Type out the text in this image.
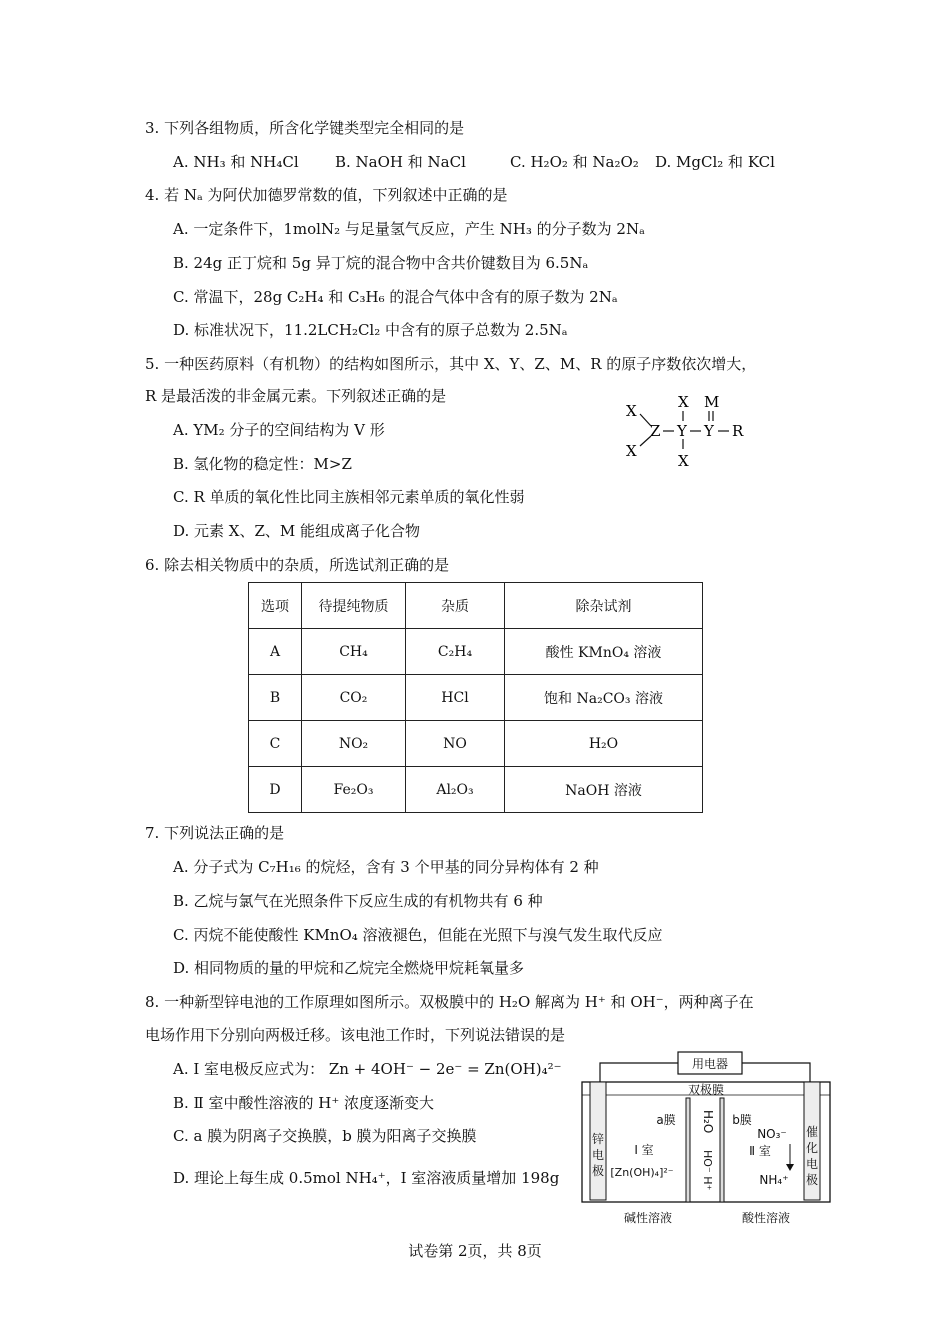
3. 下列各组物质，所含化学键类型完全相同的是
A. NH₃ 和 NH₄Cl B. NaOH 和 NaCl	C. H₂O₂ 和 Na₂O₂ D. MgCl₂ 和 KCl
4. 若 Nₐ 为阿伏加德罗常数的值，下列叙述中正确的是
A. 一定条件下，1molN₂ 与足量氢气反应，产生 NH₃ 的分子数为 2Nₐ
B. 24g 正丁烷和 5g 异丁烷的混合物中含共价键数目为 6.5Nₐ
C. 常温下，28g C₂H₄ 和 C₃H₆ 的混合气体中含有的原子数为 2Nₐ
D. 标准状况下，11.2LCH₂Cl₂ 中含有的原子总数为 2.5Nₐ
5. 一种医药原料（有机物）的结构如图所示，其中 X、Y、Z、M、R 的原子序数依次增大，
R 是最活泼的非金属元素。下列叙述正确的是
A. YM₂ 分子的空间结构为 V 形
B. 氢化物的稳定性：M>Z
C. R 单质的氧化性比同主族相邻元素单质的氧化性弱
D. 元素 X、Z、M 能组成离子化合物
X
X
Z
X
Y
X
M
Y R
6. 除去相关物质中的杂质，所选试剂正确的是
选项	待提纯物质	杂质	除杂试剂
A	CH₄	C₂H₄	酸性 KMnO₄ 溶液
B	CO₂	HCl	饱和 Na₂CO₃ 溶液
C	NO₂	NO	H₂O
D	Fe₂O₃	Al₂O₃	NaOH 溶液
7. 下列说法正确的是
A. 分子式为 C₇H₁₆ 的烷烃，含有 3 个甲基的同分异构体有 2 种
B. 乙烷与氯气在光照条件下反应生成的有机物共有 6 种
C. 丙烷不能使酸性 KMnO₄ 溶液褪色，但能在光照下与溴气发生取代反应
D. 相同物质的量的甲烷和乙烷完全燃烧甲烷耗氧量多
8. 一种新型锌电池的工作原理如图所示。双极膜中的 H₂O 解离为 H⁺ 和 OH⁻，两种离子在
电场作用下分别向两极迁移。该电池工作时，下列说法错误的是
A. I 室电极反应式为： Zn + 4OH⁻ − 2e⁻ = Zn(OH)₄²⁻
B. Ⅱ 室中酸性溶液的 H⁺ 浓度逐渐变大
C. a 膜为阴离子交换膜，b 膜为阳离子交换膜
D. 理论上每生成 0.5mol NH₄⁺，I 室溶液质量增加 198g
用电器
锌
电
极
催
化
电
极
双极膜
a膜	b膜
H₂O
HO⁻ H⁺
Ⅰ 室
[Zn(OH)₄]²⁻
NO₃⁻
Ⅱ 室
NH₄⁺
碱性溶液	酸性溶液
试卷第 2页，共 8页
